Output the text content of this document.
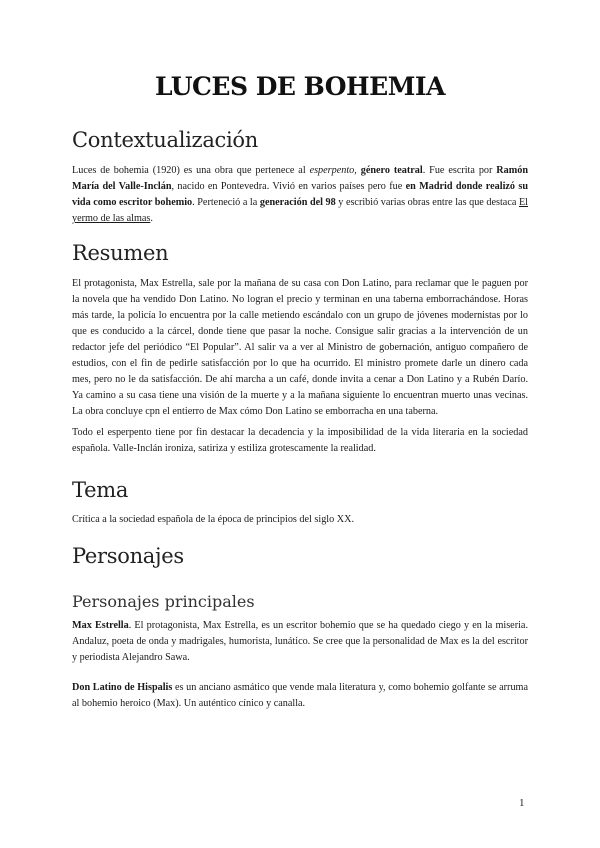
LUCES DE BOHEMIA
Contextualización

Luces de bohemia (1920) es una obra que pertenece al esperpento, género teatral. Fue escrita por Ramón María del Valle-Inclán, nacido en Pontevedra. Vivió en varios países pero fue en Madrid donde realizó su vida como escritor bohemio. Perteneció a la generación del 98 y escribió varias obras entre las que destaca El yermo de las almas.

Resumen

El protagonista, Max Estrella, sale por la mañana de su casa con Don Latino, para reclamar que le paguen por la novela que ha vendido Don Latino. No logran el precio y terminan en una taberna emborrachándose. Horas más tarde, la policía lo encuentra por la calle metiendo escándalo con un grupo de jóvenes modernistas por lo que es conducido a la cárcel, donde tiene que pasar la noche. Consigue salir gracias a la intervención de un redactor jefe del periódico “El Popular”. Al salir va a ver al Ministro de gobernación, antiguo compañero de estudios, con el fin de pedirle satisfacción por lo que ha ocurrido. El ministro promete darle un dinero cada mes, pero no le da satisfacción. De ahí marcha a un café, donde invita a cenar a Don Latino y a Rubén Darío. Ya camino a su casa tiene una visión de la muerte y a la mañana siguiente lo encuentran muerto unas vecinas. La obra concluye cpn el entierro de Max cómo Don Latino se emborracha en una taberna.

Todo el esperpento tiene por fin destacar la decadencia y la imposibilidad de la vida literaria en la sociedad española. Valle-Inclán ironiza, satiriza y estiliza grotescamente la realidad.

Tema

Crítica a la sociedad española de la época de principios del siglo XX.

Personajes
Personajes principales

Max Estrella. El protagonista, Max Estrella, es un escritor bohemio que se ha quedado ciego y en la miseria. Andaluz, poeta de onda y madrigales, humorista, lunático. Se cree que la personalidad de Max es la del escritor y periodista Alejandro Sawa.

Don Latino de Hispalis es un anciano asmático que vende mala literatura y, como bohemio golfante se arruma al bohemio heroico (Max). Un auténtico cínico y canalla.

1
